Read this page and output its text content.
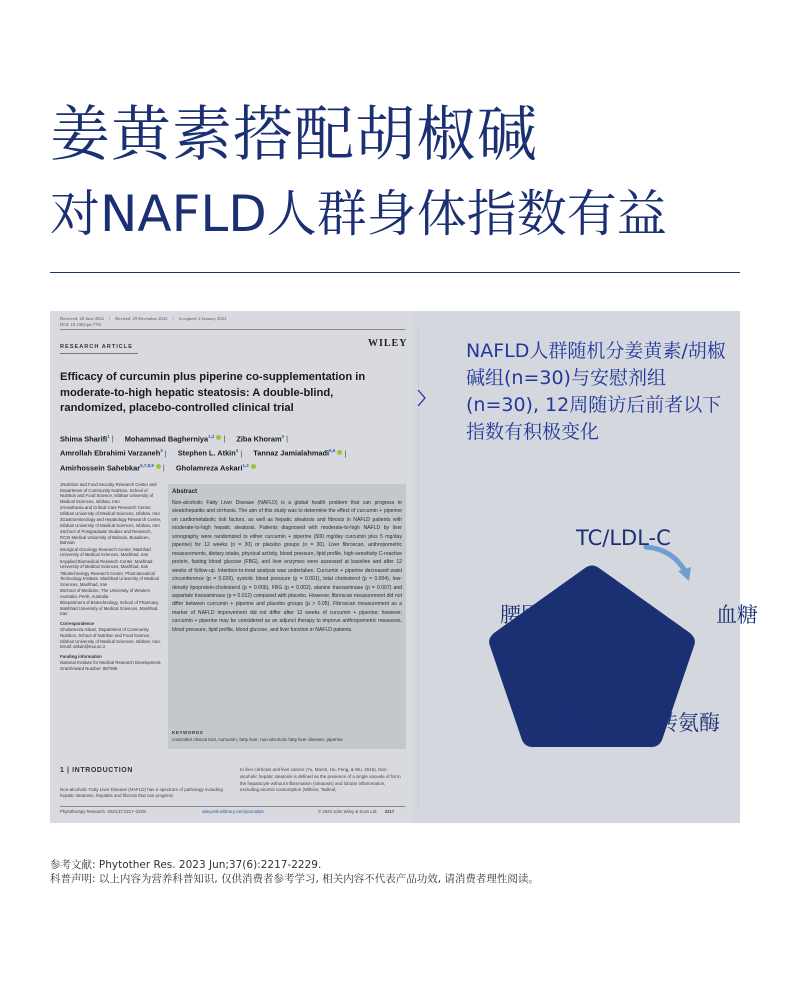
姜黄素搭配胡椒碱
对NAFLD人群身体指数有益
Received: 28 June 2022 | Revised: 29 December 2022 | Accepted: 2 January 2023
DOI: 10.1002/ptr.7761
RESEARCH ARTICLE	WILEY
Efficacy of curcumin plus piperine co-supplementation in moderate-to-high hepatic steatosis: A double-blind, randomized, placebo-controlled clinical trial
Shima Sharifi$^1$ | Mohammad Bagherniya$^{1,2}$ | Ziba Khoram$^3$ |Amrollah Ebrahimi Varzaneh$^3$ | Stephen L. Atkin$^4$ | Tannaz Jamialahmadi$^{5,6}$ |Amirhossein Sahebkar$^{5,7,8,9}$ | Gholamreza Askari$^{1,2}$

1Nutrition and Food Security Research Center and Department of Community Nutrition, School of Nutrition and Food Science, Isfahan University of Medical Sciences, Isfahan, Iran

2Anesthesia and Critical Care Research Center, Isfahan University of Medical Sciences, Isfahan, Iran

3Gastroenterology and Hepatology Research Center, Isfahan University of Medical Sciences, Isfahan, Iran

4School of Postgraduate Studies and Research, RCSI Medical University of Bahrain, Busaiteen, Bahrain

5Surgical Oncology Research Center, Mashhad University of Medical Sciences, Mashhad, Iran

6Applied Biomedical Research Center, Mashhad University of Medical Sciences, Mashhad, Iran

7Biotechnology Research Center, Pharmaceutical Technology Institute, Mashhad University of Medical Sciences, Mashhad, Iran

8School of Medicine, The University of Western Australia, Perth, Australia

9Department of Biotechnology, School of Pharmacy, Mashhad University of Medical Sciences, Mashhad, Iran

Correspondence

Gholamreza Askari, Department of Community Nutrition, School of Nutrition and Food Science, Isfahan University of Medical Sciences, Isfahan, Iran. Email: askari@mui.ac.ir

Funding information

National Institute for Medical Research Development, Grant/Award Number: 987596

Abstract
Non-alcoholic Fatty Liver Disease (NAFLD) is a global health problem that can progress to steatohepatitis and cirrhosis. The aim of this study was to determine the effect of curcumin + piperine on cardiometabolic risk factors, as well as hepatic steatosis and fibrosis in NAFLD patients with moderate-to-high hepatic steatosis. Patients diagnosed with moderate-to-high NAFLD by liver sonography were randomized to either curcumin + piperine (500 mg/day curcumin plus 5 mg/day piperine) for 12 weeks (n = 30) or placebo groups (n = 30). Liver fibroscan, anthropometric measurements, dietary intake, physical activity, blood pressure, lipid profile, high-sensitivity C-reactive protein, fasting blood glucose (FBG), and liver enzymes were assessed at baseline and after 12 weeks of follow-up. Intention-to-treat analysis was undertaken. Curcumin + piperine decreased waist circumference (p = 0.026), systolic blood pressure (p = 0.001), total cholesterol (p = 0.004), low-density lipoprotein-cholesterol (p = 0.006), FBG (p = 0.002), alanine transaminase (p = 0.007) and aspartate transaminase (p = 0.012) compared with placebo. However, fibroscan measurement did not differ between curcumin + piperine and placebo groups (p > 0.05). Fibroscan measurement as a marker of NAFLD improvement did not differ after 12 weeks of curcumin + piperine; however, curcumin + piperine may be considered as an adjunct therapy to improve anthropometric measures, blood pressure, lipid profile, blood glucose, and liver function in NAFLD patients.
KEYWORDS
controlled clinical trial, curcumin, fatty liver, non-alcoholic fatty liver disease, piperine
1 | INTRODUCTION
Non-alcoholic Fatty Liver Disease (NAFLD) has a spectrum of pathology including hepatic steatosis, hepatitis and fibrosis that can progress
to liver cirrhosis and liver cancer (Yu, Marsh, Hu, Feng, & Wu, 2016). Non-alcoholic hepatic steatosis is defined as the presence of a single vacuole of fat in the hepatocyte without inflammation (steatosis) and lobular inflammation, excluding alcohol consumption (Wilkins, Tadkod,
Phytotherapy Research. 2023;37:2217–2229.	wileyonlinelibrary.com/journal/ptr	© 2023 John Wiley & Sons Ltd. 2217
NAFLD人群随机分姜黄素/胡椒碱组(n=30)与安慰剂组(n=30), 12周随访后前者以下指数有积极变化
TC/LDL-C
腰围	血糖
收缩压	转氨酶
参考文献: Phytother Res. 2023 Jun;37(6):2217-2229.
科普声明: 以上内容为营养科普知识, 仅供消费者参考学习, 相关内容不代表产品功效, 请消费者理性阅读。
